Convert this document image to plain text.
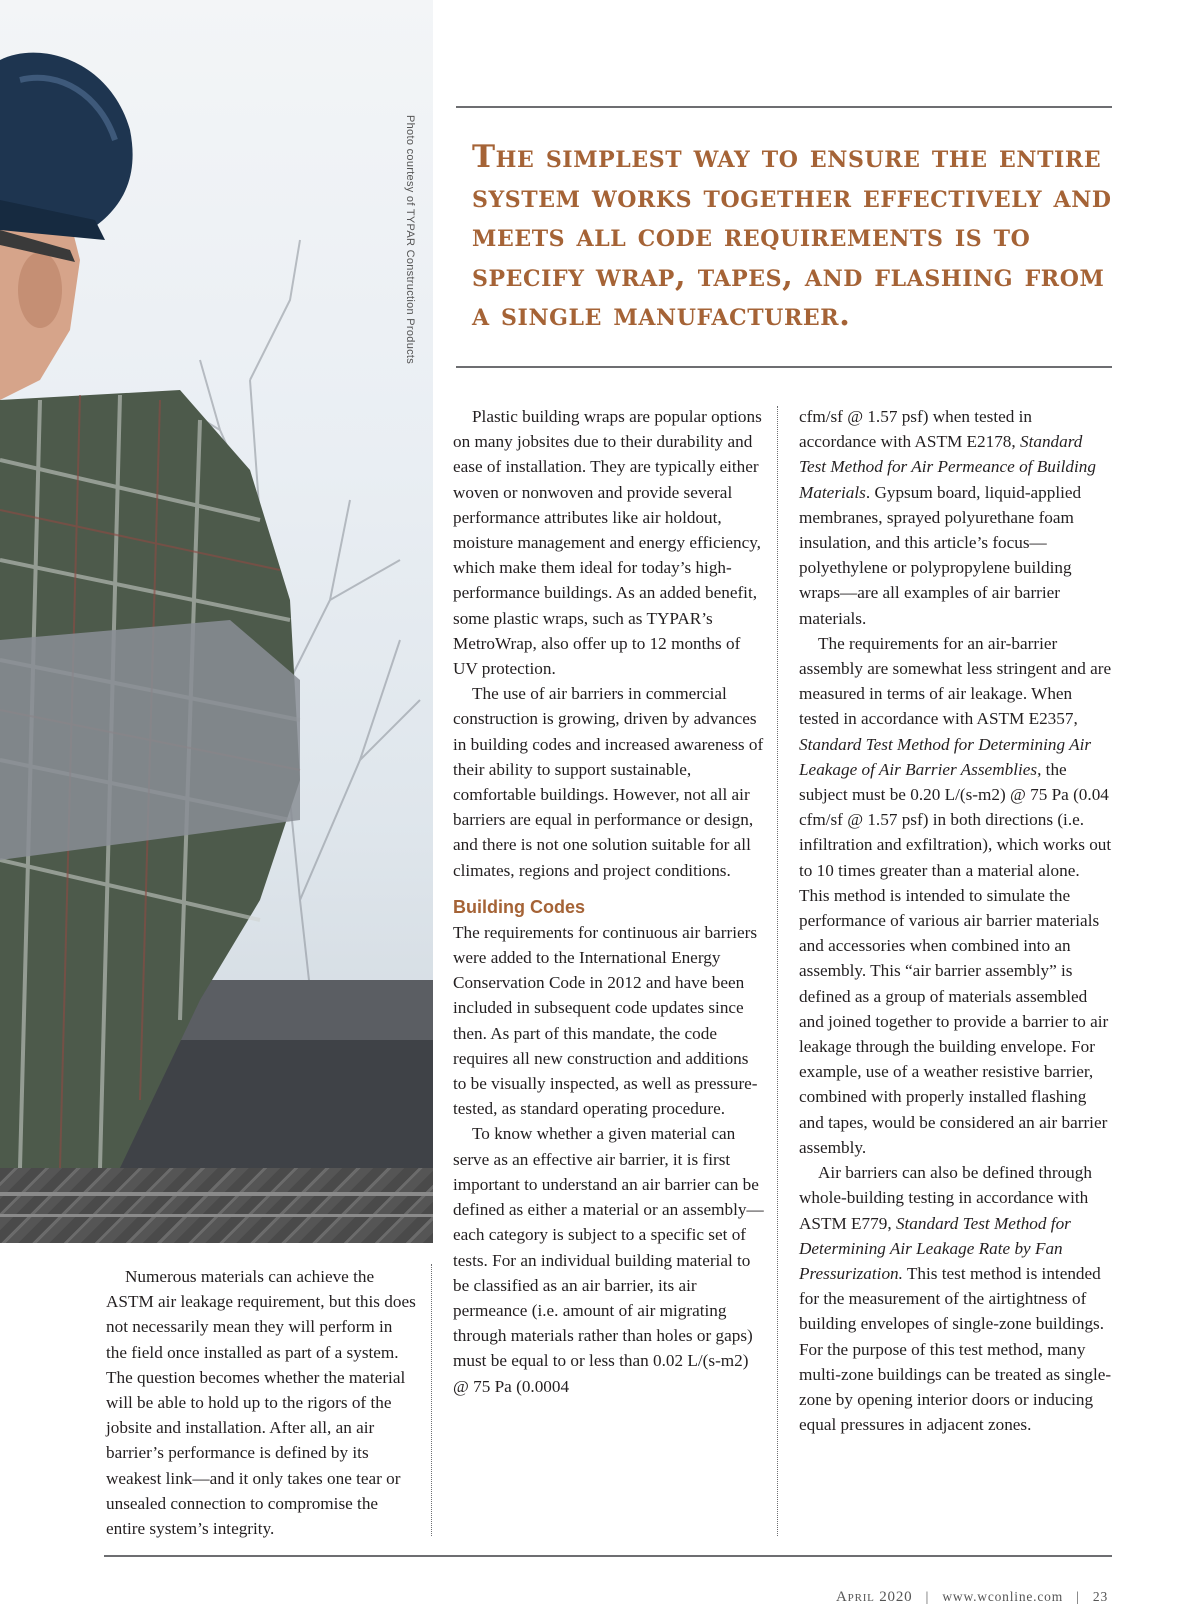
Photo courtesy of TYPAR Construction Products The simplest way to ensure the entire system works together effectively and meets all code requirements is to specify wrap, tapes, and flashing from a single manufacturer.

Plastic building wraps are popular options on many jobsites due to their durability and ease of installation. They are typically either woven or nonwoven and provide several performance attributes like air holdout, moisture management and energy efficiency, which make them ideal for today’s high-performance buildings. As an added benefit, some plastic wraps, such as TYPAR’s MetroWrap, also offer up to 12 months of UV protection.

The use of air barriers in commercial construction is growing, driven by advances in building codes and increased awareness of their ability to support sustainable, comfortable buildings. However, not all air barriers are equal in performance or design, and there is not one solution suitable for all climates, regions and project conditions.

Building Codes

The requirements for continuous air barriers were added to the International Energy Conservation Code in 2012 and have been included in subsequent code updates since then. As part of this mandate, the code requires all new construction and additions to be visually inspected, as well as pressure-tested, as standard operating procedure.

To know whether a given material can serve as an effective air barrier, it is first important to understand an air barrier can be defined as either a material or an assembly—each category is subject to a specific set of tests. For an individual building material to be classified as an air barrier, its air permeance (i.e. amount of air migrating through materials rather than holes or gaps) must be equal to or less than 0.02 L/(s-m2) @ 75 Pa (0.0004

cfm/sf @ 1.57 psf) when tested in accordance with ASTM E2178, Standard Test Method for Air Permeance of Building Materials. Gypsum board, liquid-applied membranes, sprayed polyurethane foam insulation, and this article’s focus—polyethylene or polypropylene building wraps—are all examples of air barrier materials.

The requirements for an air-barrier assembly are somewhat less stringent and are measured in terms of air leakage. When tested in accordance with ASTM E2357, Standard Test Method for Determining Air Leakage of Air Barrier Assemblies, the subject must be 0.20 L/(s-m2) @ 75 Pa (0.04 cfm/sf @ 1.57 psf) in both directions (i.e. infiltration and exfiltration), which works out to 10 times greater than a material alone. This method is intended to simulate the performance of various air barrier materials and accessories when combined into an assembly. This “air barrier assembly” is defined as a group of materials assembled and joined together to provide a barrier to air leakage through the building envelope. For example, use of a weather resistive barrier, combined with properly installed flashing and tapes, would be considered an air barrier assembly.

Air barriers can also be defined through whole-building testing in accordance with ASTM E779, Standard Test Method for Determining Air Leakage Rate by Fan Pressurization. This test method is intended for the measurement of the airtightness of building envelopes of single-zone buildings. For the purpose of this test method, many multi-zone buildings can be treated as single-zone by opening interior doors or inducing equal pressures in adjacent zones.

Numerous materials can achieve the ASTM air leakage requirement, but this does not necessarily mean they will perform in the field once installed as part of a system. The question becomes whether the material will be able to hold up to the rigors of the jobsite and installation. After all, an air barrier’s performance is defined by its weakest link—and it only takes one tear or unsealed connection to compromise the entire system’s integrity.

April 2020 | www.wconline.com | 23
